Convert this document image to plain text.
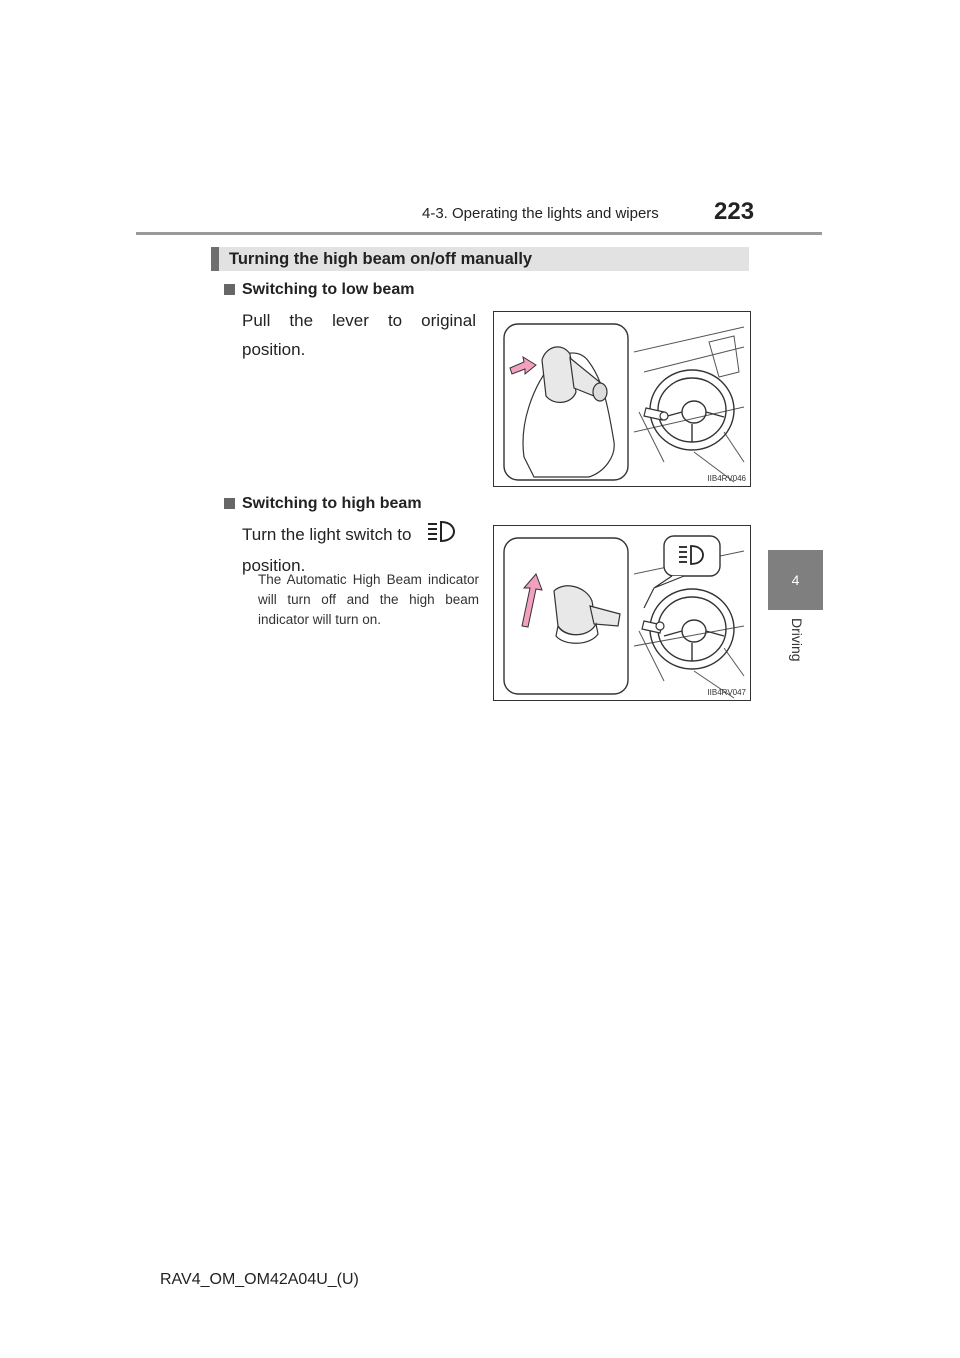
4-3. Operating the lights and wipers 223
4
Driving
Turning the high beam on/off manually
Switching to low beam
Pull the lever to original position.
IIB4RV046
Switching to high beam
Turn the light switch to
position.
The Automatic High Beam indicator will turn off and the high beam indicator will turn on.
IIB4RV047
RAV4_OM_OM42A04U_(U)
